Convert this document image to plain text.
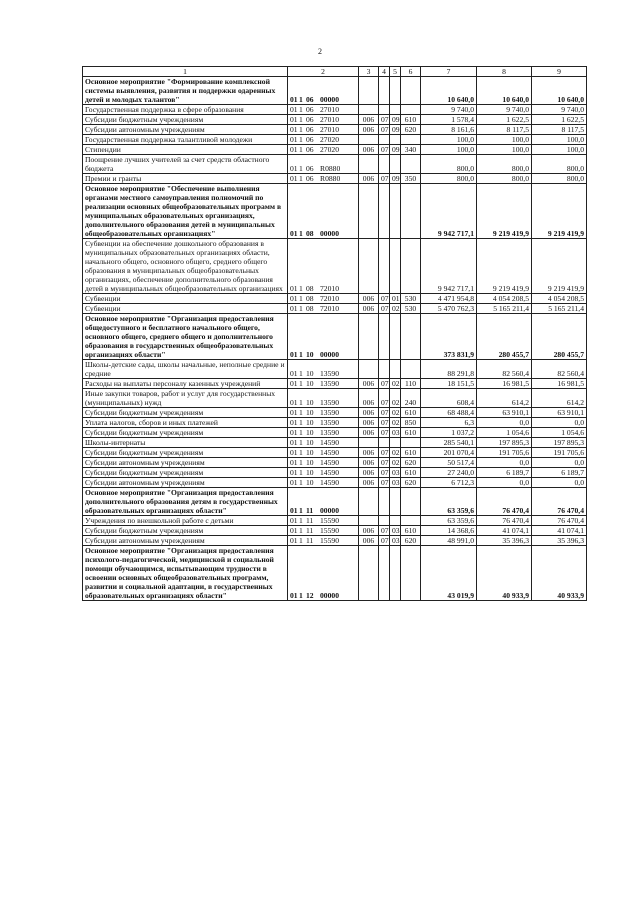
2
1	2	3	4	5	6	7	8	9
Основное мероприятие "Формирование комплексной системы выявления, развития и поддержки одаренных детей и молодых талантов"	011 06 00000					10 640,0	10 640,0	10 640,0
Государственная поддержка в сфере образования	011 06 27010					9 740,0	9 740,0	9 740,0
Субсидии бюджетным учреждениям	011 06 27010	006	07	09	610	1 578,4	1 622,5	1 622,5
Субсидии автономным учреждениям	011 06 27010	006	07	09	620	8 161,6	8 117,5	8 117,5
Государственная поддержка талантливой молодежи	011 06 27020					100,0	100,0	100,0
Стипендии	011 06 27020	006	07	09	340	100,0	100,0	100,0
Поощрение лучших учителей за счет средств областного бюджета	011 06 R0880					800,0	800,0	800,0
Премии и гранты	011 06 R0880	006	07	09	350	800,0	800,0	800,0
Основное мероприятие "Обеспечение выполнения органами местного самоуправления полномочий по реализации основных общеобразовательных программ в муниципальных образовательных организациях, дополнительного образования детей в муниципальных общеобразовательных организациях"	011 08 00000					9 942 717,1	9 219 419,9	9 219 419,9
Субвенции на обеспечение дошкольного образования в муниципальных образовательных организациях области, начального общего, основного общего, среднего общего образования в муниципальных общеобразовательных организациях, обеспечение дополнительного образования детей в муниципальных общеобразовательных организациях	011 08 72010					9 942 717,1	9 219 419,9	9 219 419,9
Субвенции	011 08 72010	006	07	01	530	4 471 954,8	4 054 208,5	4 054 208,5
Субвенции	011 08 72010	006	07	02	530	5 470 762,3	5 165 211,4	5 165 211,4
Основное мероприятие "Организация предоставления общедоступного и бесплатного начального общего, основного общего, среднего общего и дополнительного образования в государственных общеобразовательных организациях области"	011 10 00000					373 831,9	280 455,7	280 455,7
Школы-детские сады, школы начальные, неполные средние и средние	011 10 13590					88 291,8	82 560,4	82 560,4
Расходы на выплаты персоналу казенных учреждений	011 10 13590	006	07	02	110	18 151,5	16 981,5	16 981,5
Иные закупки товаров, работ и услуг для государственных (муниципальных) нужд	011 10 13590	006	07	02	240	608,4	614,2	614,2
Субсидии бюджетным учреждениям	011 10 13590	006	07	02	610	68 488,4	63 910,1	63 910,1
Уплата налогов, сборов и иных платежей	011 10 13590	006	07	02	850	6,3	0,0	0,0
Субсидии бюджетным учреждениям	011 10 13590	006	07	03	610	1 037,2	1 054,6	1 054,6
Школы-интернаты	011 10 14590					285 540,1	197 895,3	197 895,3
Субсидии бюджетным учреждениям	011 10 14590	006	07	02	610	201 070,4	191 705,6	191 705,6
Субсидии автономным учреждениям	011 10 14590	006	07	02	620	50 517,4	0,0	0,0
Субсидии бюджетным учреждениям	011 10 14590	006	07	03	610	27 240,0	6 189,7	6 189,7
Субсидии автономным учреждениям	011 10 14590	006	07	03	620	6 712,3	0,0	0,0
Основное мероприятие "Организация предоставления дополнительного образования детям в государственных образовательных организациях области"	011 11 00000					63 359,6	76 470,4	76 470,4
Учреждения по внешкольной работе с детьми	011 11 15590					63 359,6	76 470,4	76 470,4
Субсидии бюджетным учреждениям	011 11 15590	006	07	03	610	14 368,6	41 074,1	41 074,1
Субсидии автономным учреждениям	011 11 15590	006	07	03	620	48 991,0	35 396,3	35 396,3
Основное мероприятие "Организация предоставления психолого-педагогической, медицинской и социальной помощи обучающимся, испытывающим трудности в освоении основных общеобразовательных программ, развитии и социальной адаптации, в государственных образовательных организациях области"	011 12 00000					43 019,9	40 933,9	40 933,9
